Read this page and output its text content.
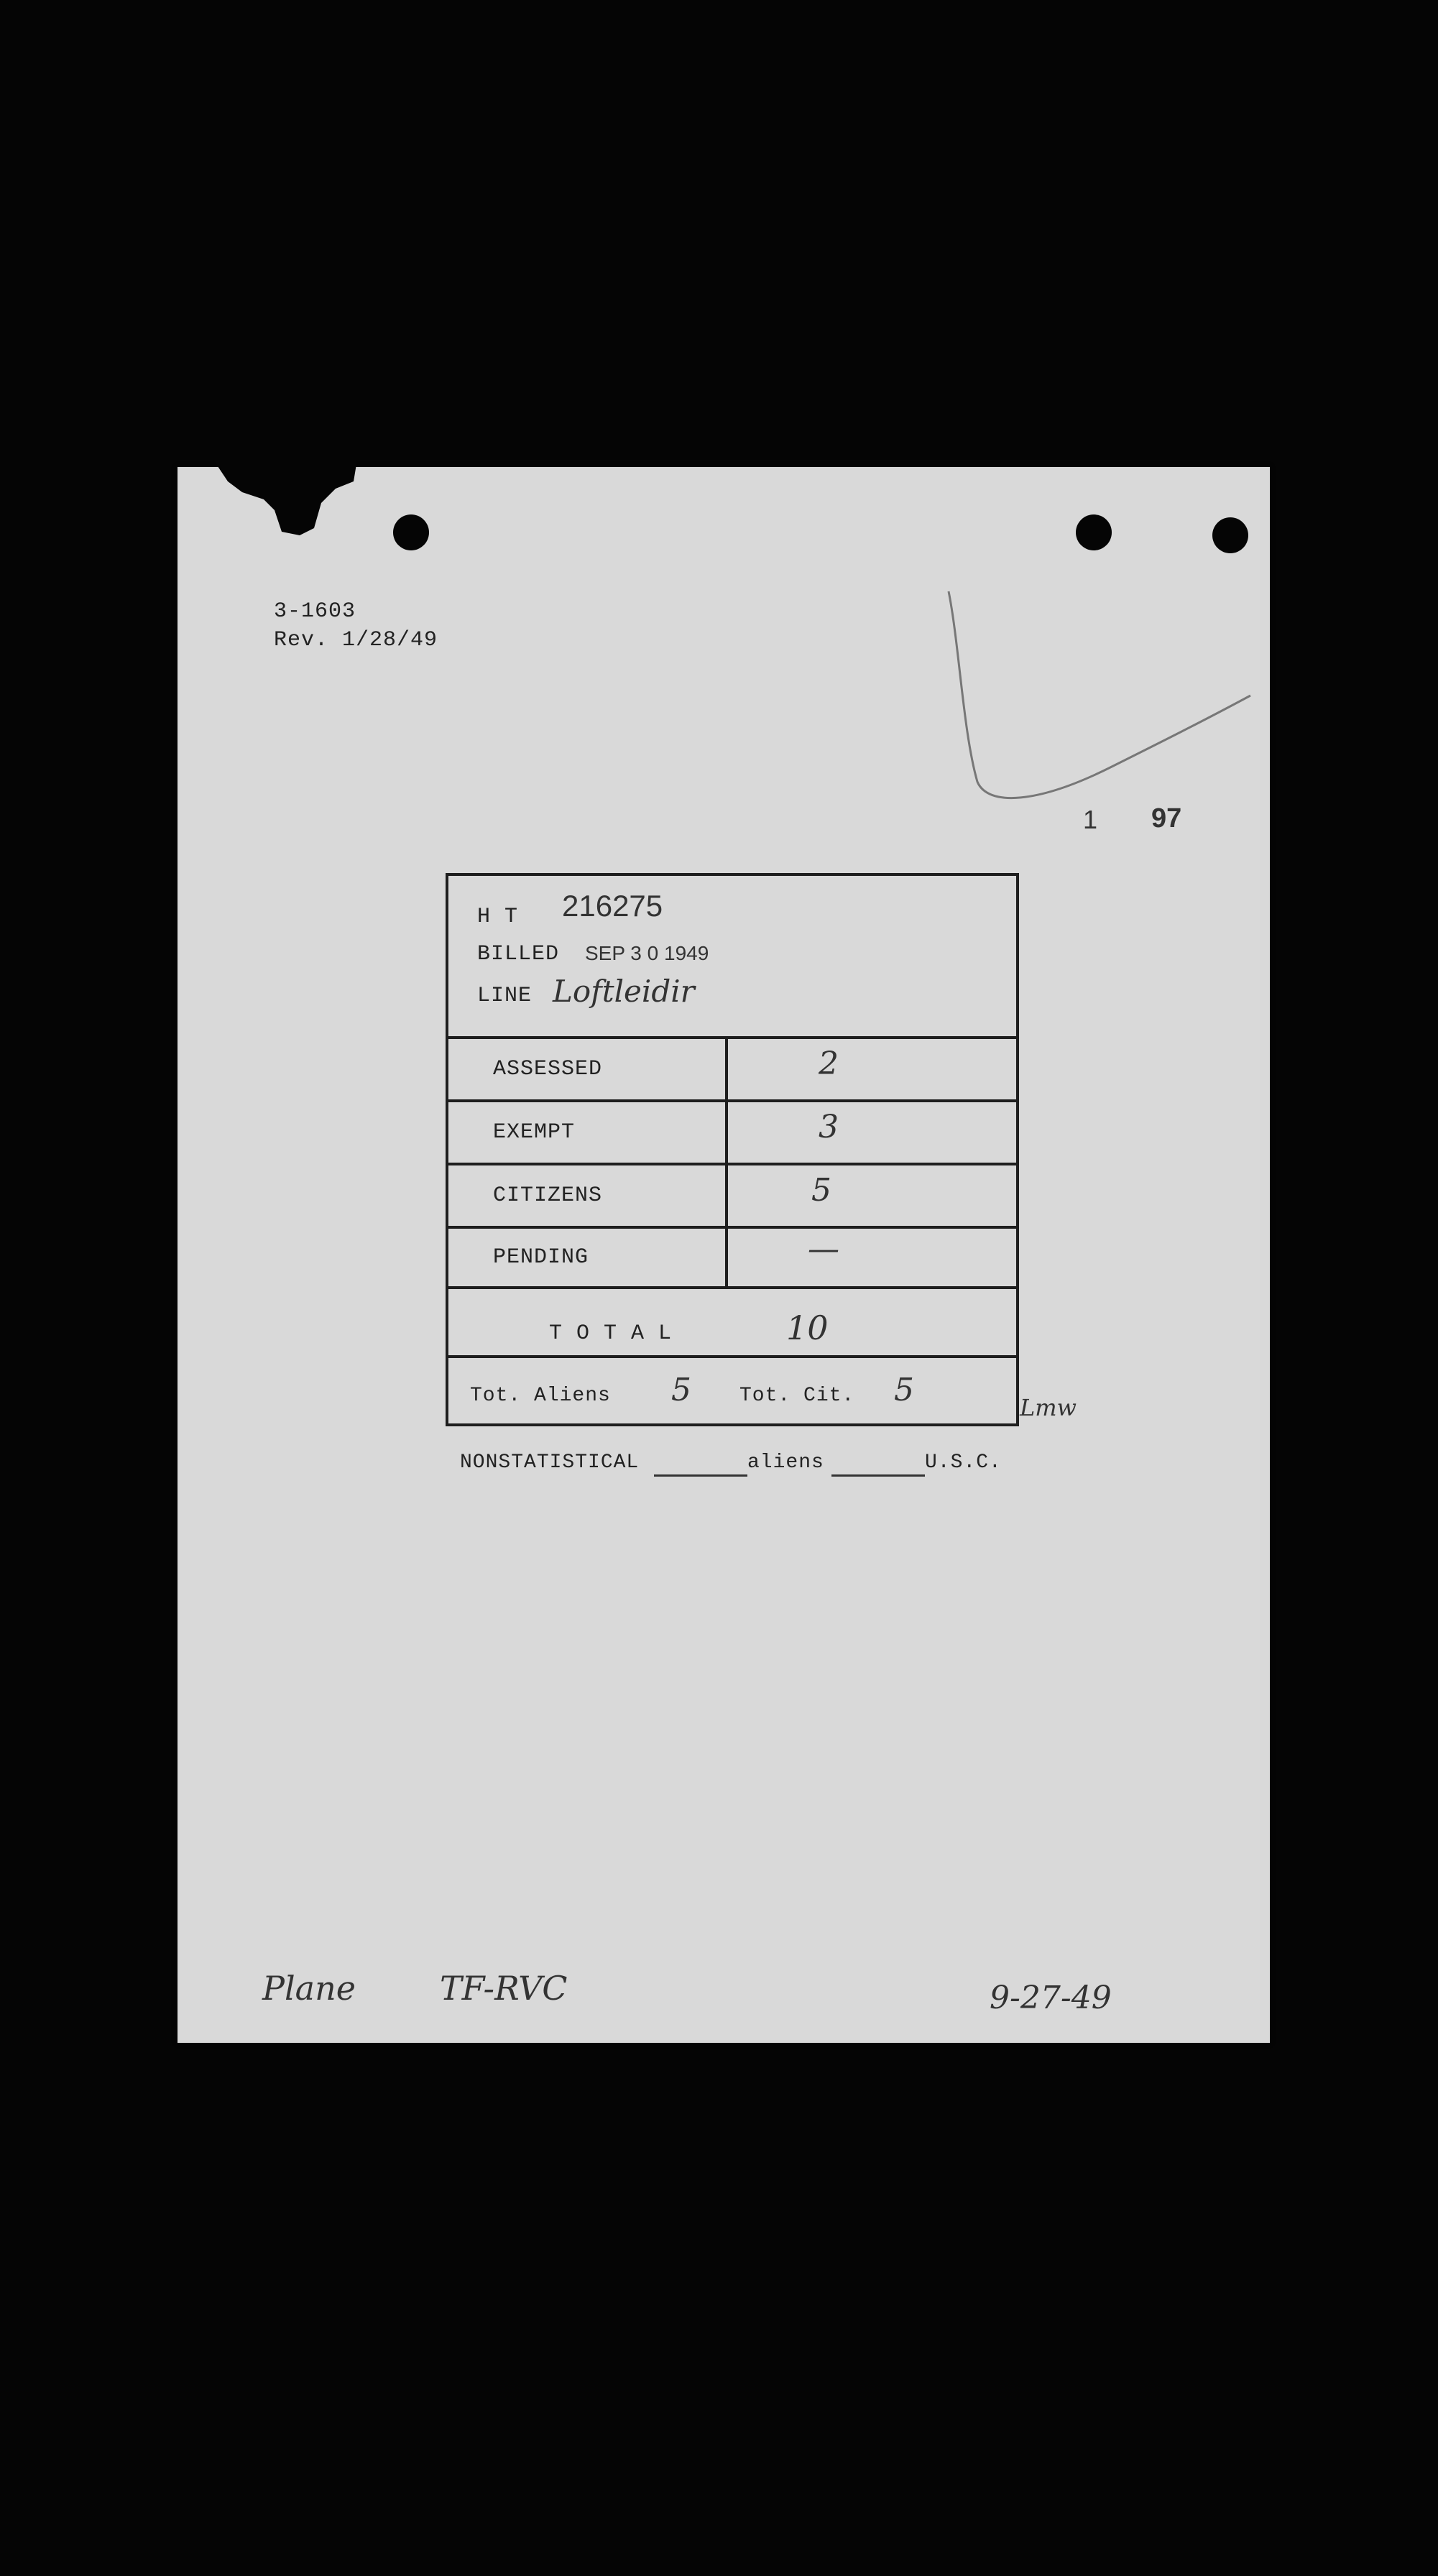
3-1603
Rev. 1/28/49
1 97
H T 216275
BILLED SEP 3 0 1949
LINE Loftleidir
ASSESSED	2
EXEMPT	3
CITIZENS	5
PENDING	—
T O T A L	10
Tot. Aliens 5 Tot. Cit. 5	Lmw
NONSTATISTICAL	aliens	U.S.C.
Plane	TF-RVC	9-27-49
